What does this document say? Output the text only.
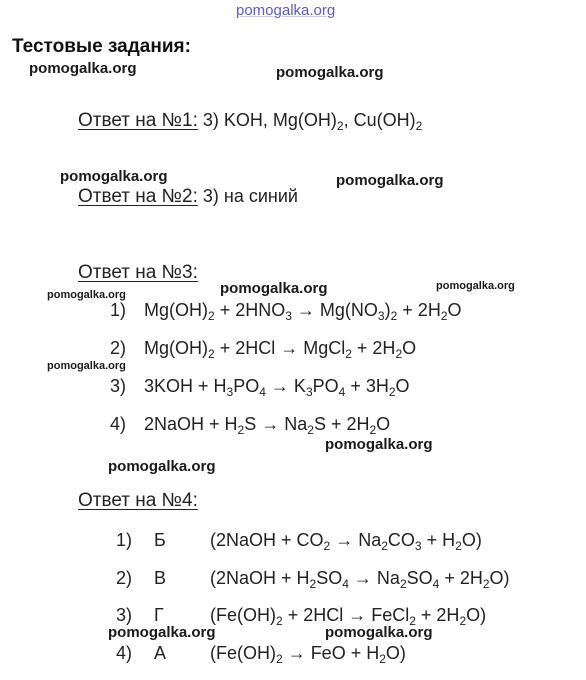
pomogalka.org
Тестовые задания:
pomogalka.org	pomogalka.org
pomogalka.org	pomogalka.org
pomogalka.org	pomogalka.org
pomogalka.org
pomogalka.org
pomogalka.org
pomogalka.org
pomogalka.org	pomogalka.org
Ответ на №1: 3) KOH, $Mg(OH)_2$, $Cu(OH)_2$
Ответ на №2: 3) на синий
Ответ на №3:
1) $Mg(OH)_2 + 2HNO_3 \to Mg(NO_3)_2 + 2H_2O$
2) $Mg(OH)_2 + 2HCl$ → MgCl$_2$ + $2H_2O$
3) $3KOH + H_3PO_4 \to K_3PO_4 + 3H_2O$
4) 2NaOH + $H_2S \to Na_2S + 2H_2O$
Ответ на №4:
1) Б (2NaOH + $CO_2 \to Na_2CO_3 + H_2O$)
2) В (2NaOH + $H_2SO_4 \to Na_2SO_4 + 2H_2O$)
3) Г	($Fe(OH)_2 + 2HCl$ → FeCl$_2$ + $2H_2O$)
4) А ($Fe(OH)_2$ → FeO + $H_2O$)
